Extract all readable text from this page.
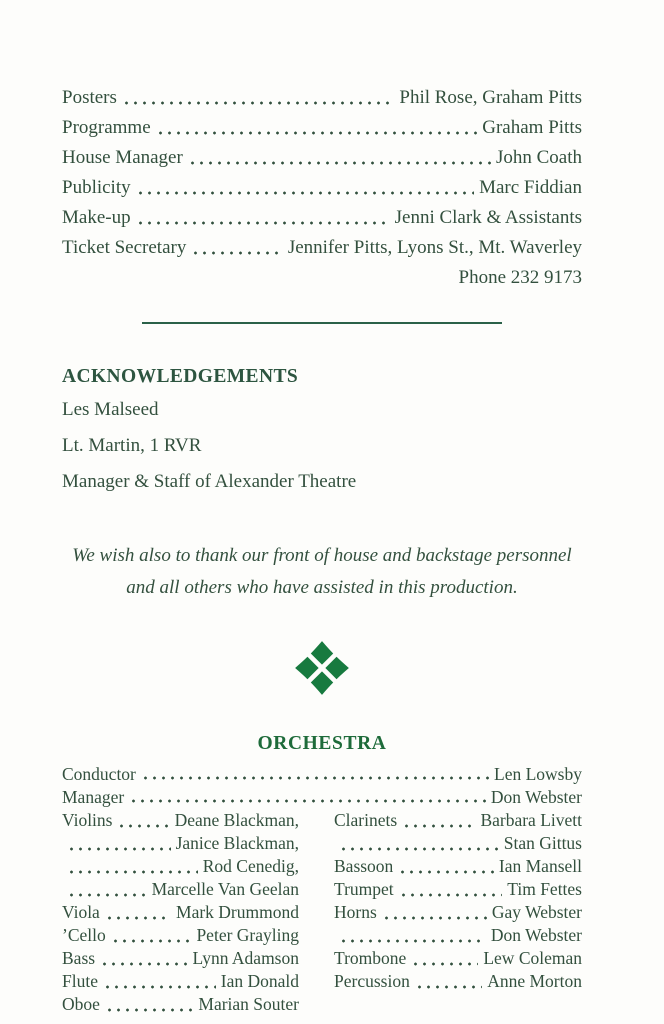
Posters	Phil Rose, Graham Pitts
Programme	Graham Pitts
House Manager	John Coath
Publicity	Marc Fiddian
Make-up	Jenni Clark & Assistants
Ticket Secretary	Jennifer Pitts, Lyons St., Mt. Waverley
Phone 232 9173
ACKNOWLEDGEMENTS
Les Malseed
Lt. Martin, 1 RVR
Manager & Staff of Alexander Theatre
We wish also to thank our front of house and backstage personnel
and all others who have assisted in this production.
ORCHESTRA
Conductor	Len Lowsby
Manager	Don Webster
Violins	Deane Blackman,
Janice Blackman,
Rod Cenedig,
Marcelle Van Geelan
Viola	Mark Drummond
’Cello	Peter Grayling
Bass	Lynn Adamson
Flute	Ian Donald
Oboe	Marian Souter
Clarinets	Barbara Livett
Stan Gittus
Bassoon	Ian Mansell
Trumpet	Tim Fettes
Horns	Gay Webster
Don Webster
Trombone	Lew Coleman
Percussion	Anne Morton
